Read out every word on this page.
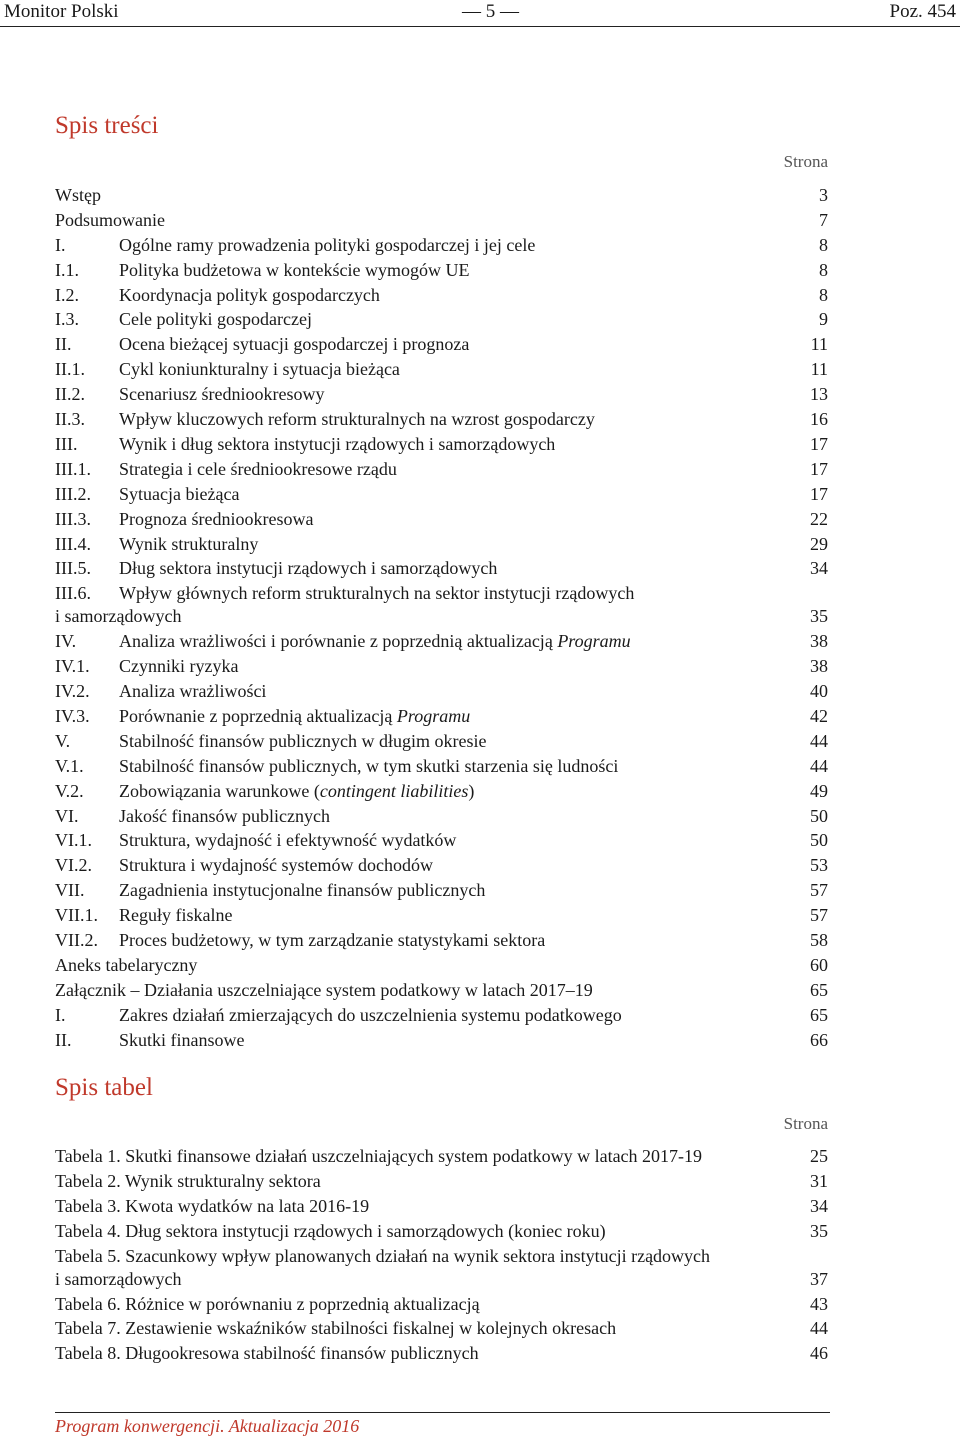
Monitor Polski	— 5 —	Poz. 454
Spis treści
Strona
Wstęp	3
Podsumowanie	7
I.	Ogólne ramy prowadzenia polityki gospodarczej i jej cele	8
I.1. Polityka budżetowa w kontekście wymogów UE	8
I.2. Koordynacja polityk gospodarczych	8
I.3. Cele polityki gospodarczej	9
II.	Ocena bieżącej sytuacji gospodarczej i prognoza	11
II.1. Cykl koniunkturalny i sytuacja bieżąca	11
II.2. Scenariusz średniookresowy	13
II.3. Wpływ kluczowych reform strukturalnych na wzrost gospodarczy	16
III. Wynik i dług sektora instytucji rządowych i samorządowych	17
III.1. Strategia i cele średniookresowe rządu	17
III.2. Sytuacja bieżąca	17
III.3. Prognoza średniookresowa	22
III.4. Wynik strukturalny	29
III.5. Dług sektora instytucji rządowych i samorządowych	34
III.6. Wpływ głównych reform strukturalnych na sektor instytucji rządowych
i samorządowych	35
IV. Analiza wrażliwości i porównanie z poprzednią aktualizacją Programu	38
IV.1. Czynniki ryzyka	38
IV.2. Analiza wrażliwości	40
IV.3. Porównanie z poprzednią aktualizacją Programu	42
V.	Stabilność finansów publicznych w długim okresie	44
V.1. Stabilność finansów publicznych, w tym skutki starzenia się ludności	44
V.2. Zobowiązania warunkowe (contingent liabilities)	49
VI. Jakość finansów publicznych	50
VI.1. Struktura, wydajność i efektywność wydatków	50
VI.2. Struktura i wydajność systemów dochodów	53
VII. Zagadnienia instytucjonalne finansów publicznych	57
VII.1. Reguły fiskalne	57
VII.2. Proces budżetowy, w tym zarządzanie statystykami sektora	58
Aneks tabelaryczny	60
Załącznik – Działania uszczelniające system podatkowy w latach 2017–19	65
I.	Zakres działań zmierzających do uszczelnienia systemu podatkowego	65
II.	Skutki finansowe	66
Spis tabel
Strona
Tabela 1. Skutki finansowe działań uszczelniających system podatkowy w latach 2017-19	25
Tabela 2. Wynik strukturalny sektora	31
Tabela 3. Kwota wydatków na lata 2016-19	34
Tabela 4. Dług sektora instytucji rządowych i samorządowych (koniec roku)	35
Tabela 5. Szacunkowy wpływ planowanych działań na wynik sektora instytucji rządowych
i samorządowych	37
Tabela 6. Różnice w porównaniu z poprzednią aktualizacją	43
Tabela 7. Zestawienie wskaźników stabilności fiskalnej w kolejnych okresach	44
Tabela 8. Długookresowa stabilność finansów publicznych	46
Program konwergencji. Aktualizacja 2016
